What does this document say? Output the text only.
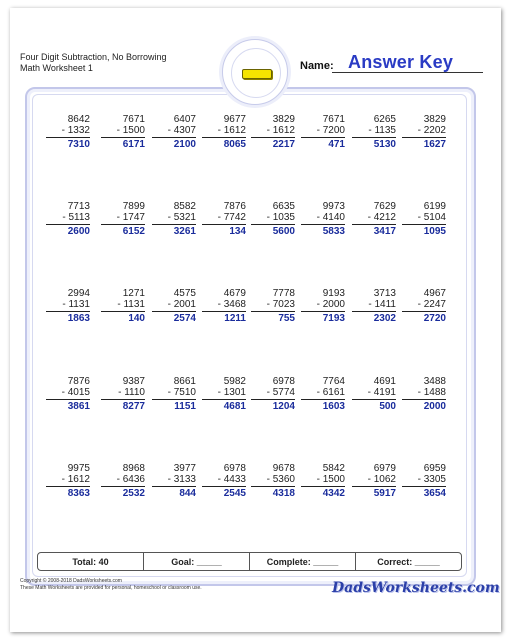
Four Digit Subtraction, No Borrowing
Math Worksheet 1	Name: Answer Key
8642
- 1332
7310
7671
- 1500
6171
6407
- 4307
2100
9677
- 1612
8065
3829
- 1612
2217
7671
- 7200
471
6265
- 1135
5130
3829
- 2202
1627
7713
- 5113
2600
7899
- 1747
6152
8582
- 5321
3261
7876
- 7742
134
6635
- 1035
5600
9973
- 4140
5833
7629
- 4212
3417
6199
- 5104
1095
2994
- 1131
1863
1271
- 1131
140
4575
- 2001
2574
4679
- 3468
1211
7778
- 7023
755
9193
- 2000
7193
3713
- 1411
2302
4967
- 2247
2720
7876
- 4015
3861
9387
- 1110
8277
8661
- 7510
1151
5982
- 1301
4681
6978
- 5774
1204
7764
- 6161
1603
4691
- 4191
500
3488
- 1488
2000
9975
- 1612
8363
8968
- 6436
2532
3977
- 3133
844
6978
- 4433
2545
9678
- 5360
4318
5842
- 1500
4342
6979
- 1062
5917
6959
- 3305
3654
Total: 40	Goal: _____	Complete: _____	Correct: _____
Copyright © 2008-2018 DadsWorksheets.com
These Math Worksheets are provided for personal, homeschool or classroom use.	DadsWorksheets.com
